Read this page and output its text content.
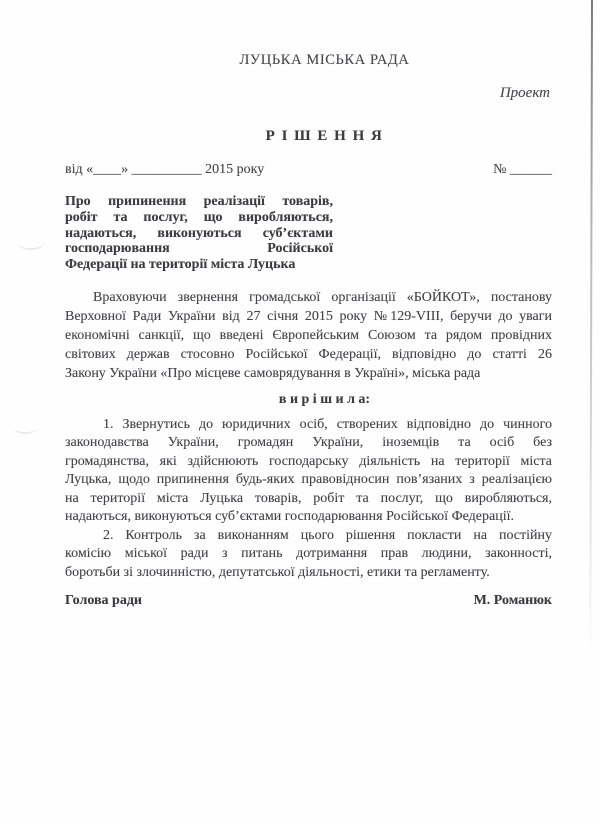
ЛУЦЬКА МІСЬКА РАДА
Проект
Р І Ш Е Н Н Я
від «____» __________ 2015 року	№ ______
Про припинення реалізації товарів,
робіт та послуг, що виробляються,
надаються, виконуються суб’єктами
господарювання Російської
Федерації на території міста Луцька
Враховуючи звернення громадської організації «БОЙКОТ», постанову
Верховної Ради України від 27 січня 2015 року №129-VIII, беручи до уваги
економічні санкції, що введені Європейським Союзом та рядом провідних
світових держав стосовно Російської Федерації, відповідно до статті 26
Закону України «Про місцеве самоврядування в Україні», міська рада
в и р і ш и л а:
1. Звернутись до юридичних осіб, створених відповідно до чинного
законодавства України, громадян України, іноземців та осіб без
громадянства, які здійснюють господарську діяльність на території міста
Луцька, щодо припинення будь-яких правовідносин пов’язаних з реалізацією
на території міста Луцька товарів, робіт та послуг, що виробляються,
надаються, виконуються суб’єктами господарювання Російської Федерації.
2. Контроль за виконанням цього рішення покласти на постійну
комісію міської ради з питань дотримання прав людини, законності,
боротьби зі злочинністю, депутатської діяльності, етики та регламенту.
Голова ради	М. Романюк
